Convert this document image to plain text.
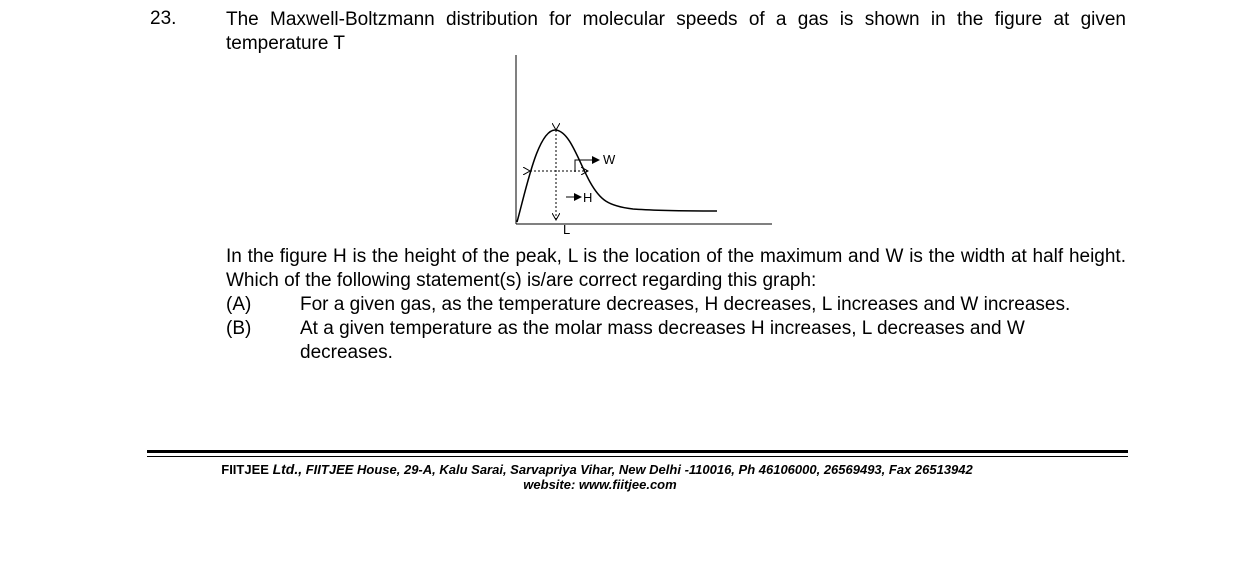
23.	The Maxwell-Boltzmann distribution for molecular speeds of a gas is shown in the figure at given temperature T
W
H
L
In the figure H is the height of the peak, L is the location of the maximum and W is the width at half height. Which of the following statement(s) is/are correct regarding this graph:
(A)	For a given gas, as the temperature decreases, H decreases, L increases and W increases.
(B)	At a given temperature as the molar mass decreases H increases, L decreases and W decreases.
FIITJEE Ltd., FIITJEE House, 29-A, Kalu Sarai, Sarvapriya Vihar, New Delhi -110016, Ph 46106000, 26569493, Fax 26513942
website: www.fiitjee.com
